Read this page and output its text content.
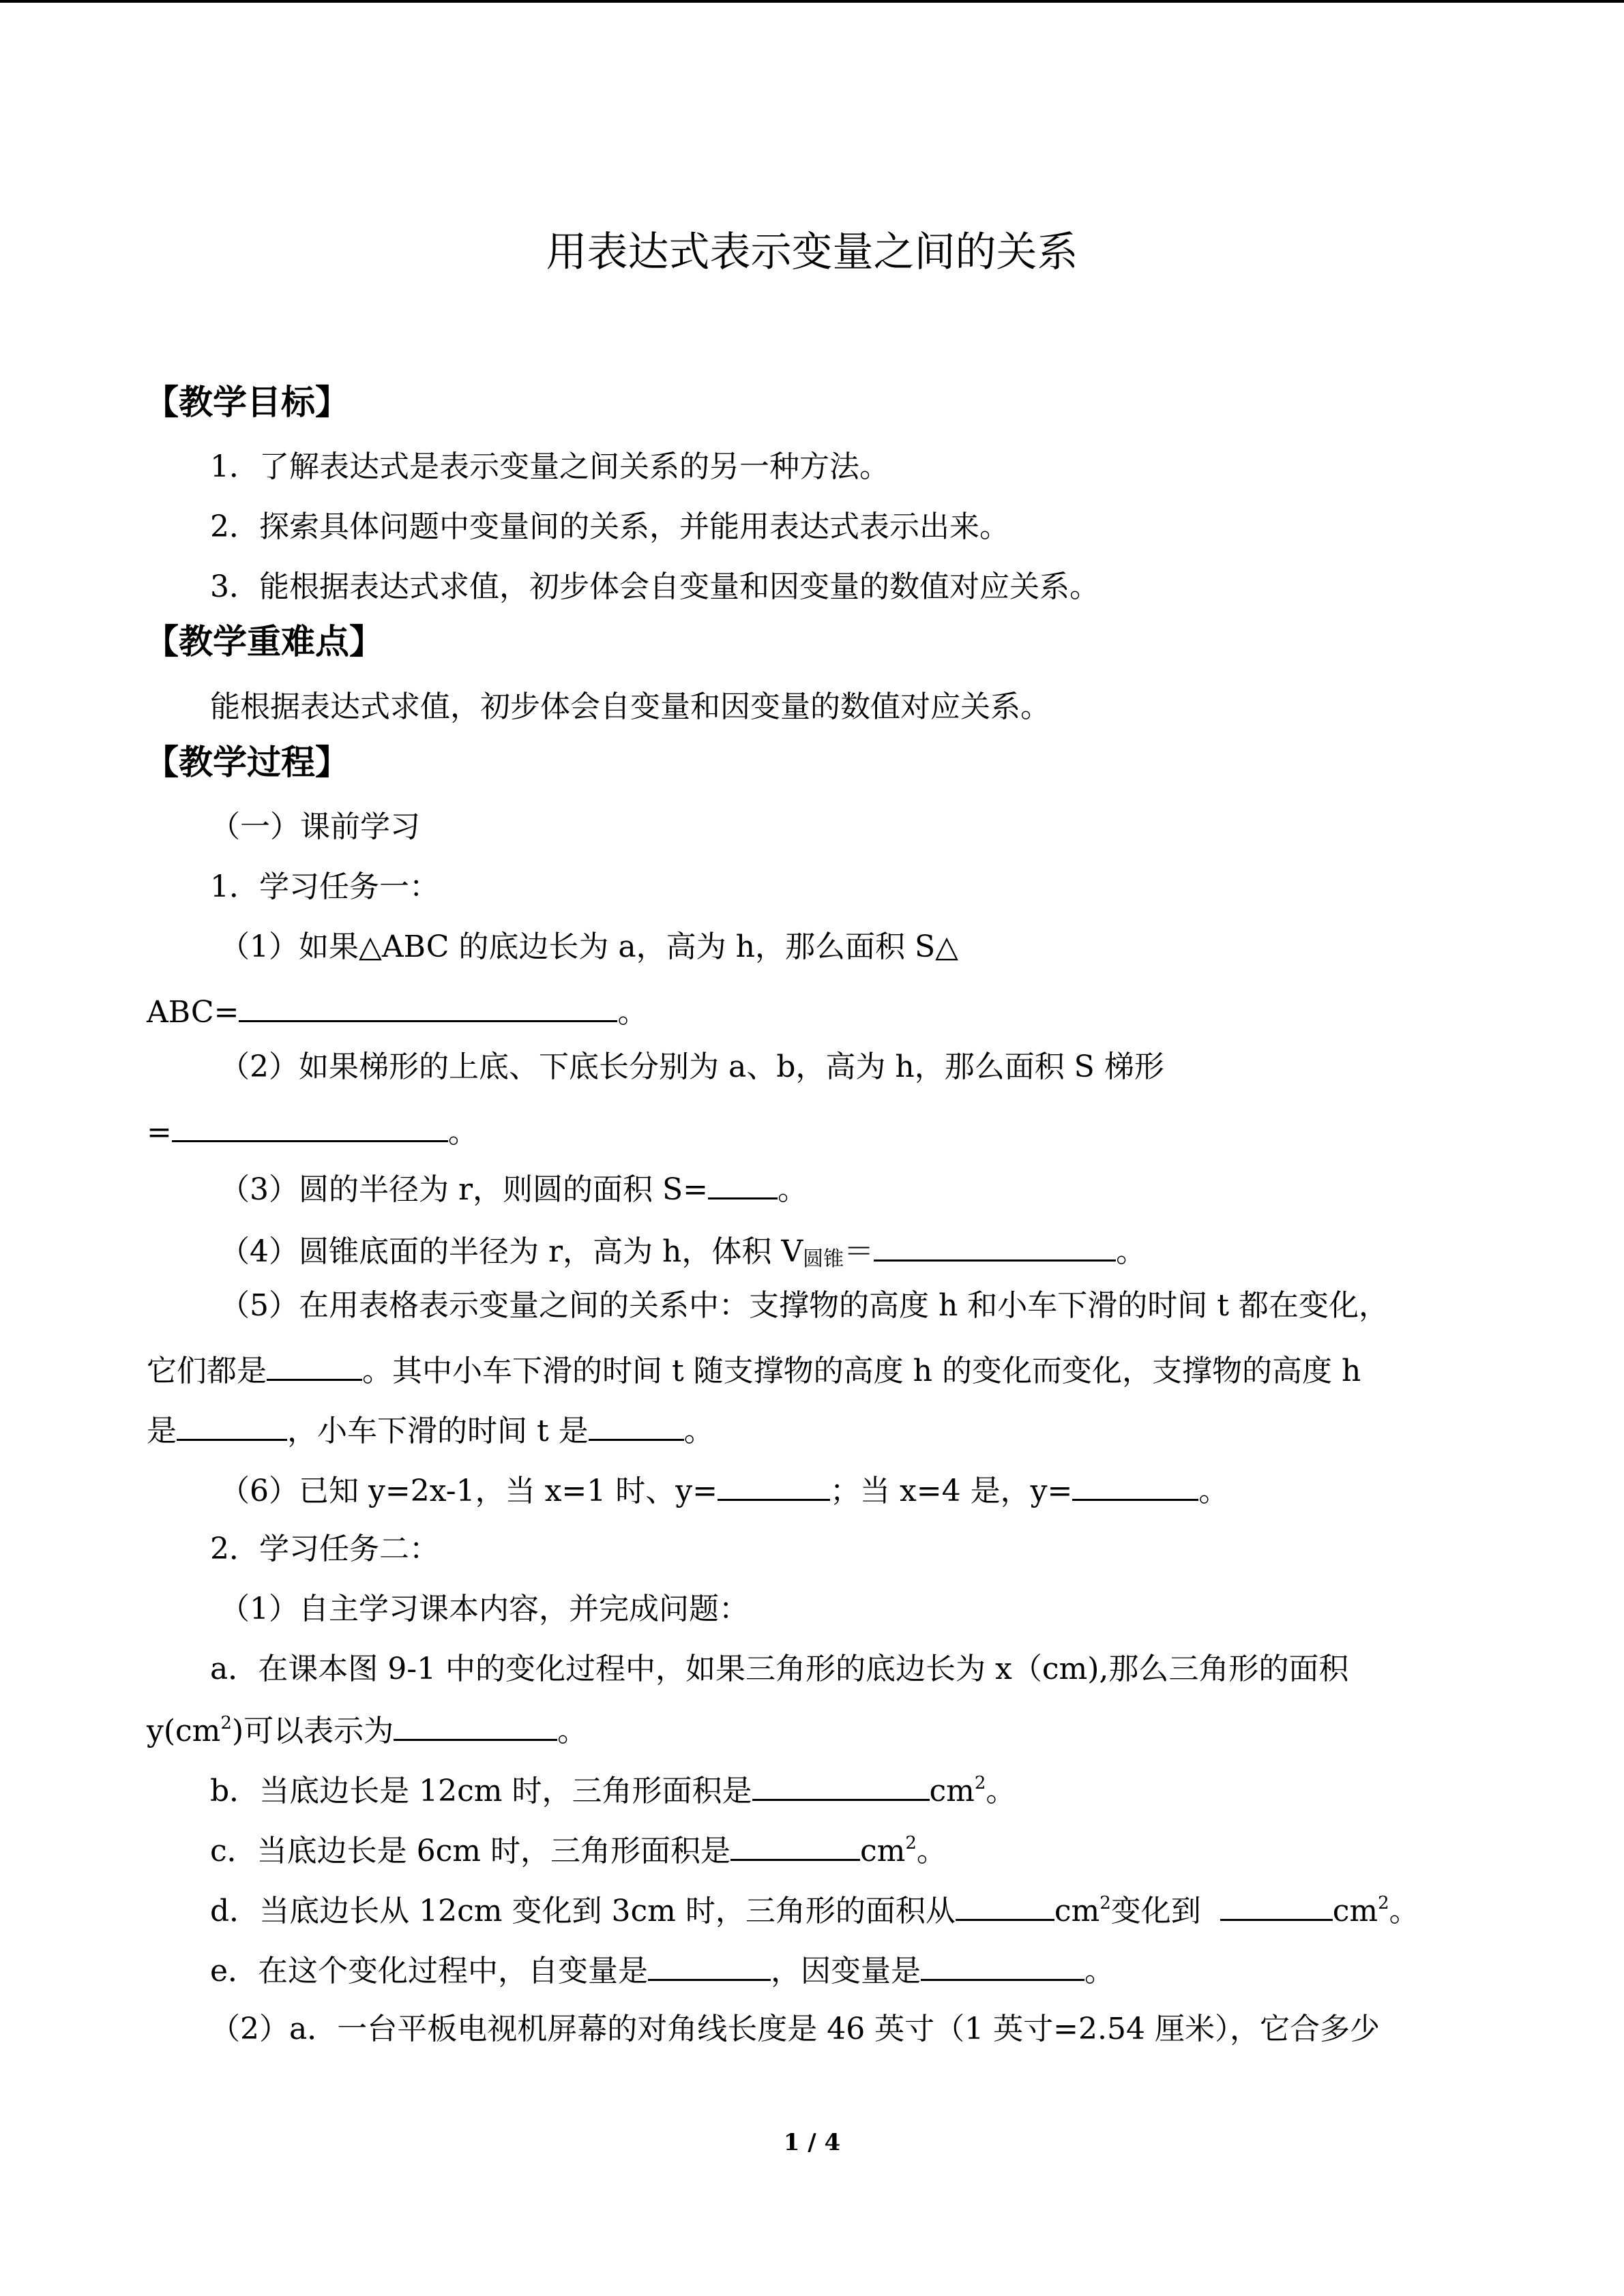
用表达式表示变量之间的关系
【教学目标】
1．了解表达式是表示变量之间关系的另一种方法。
2．探索具体问题中变量间的关系，并能用表达式表示出来。
3．能根据表达式求值，初步体会自变量和因变量的数值对应关系。
【教学重难点】
能根据表达式求值，初步体会自变量和因变量的数值对应关系。
【教学过程】
（一）课前学习
1．学习任务一：
（1）如果△ABC 的底边长为 a，高为 h，那么面积 S△
ABC=	。
（2）如果梯形的上底、下底长分别为 a、b，高为 h，那么面积 S 梯形
=	。
（3）圆的半径为 r，则圆的面积 S= 。
（4）圆锥底面的半径为 r，高为 h，体积 $V_{圆锥}=$	。
（5）在用表格表示变量之间的关系中：支撑物的高度 h 和小车下滑的时间 t 都在变化，
它们都是	。其中小车下滑的时间 t 随支撑物的高度 h 的变化而变化，支撑物的高度 h
是	，小车下滑的时间 t 是	。
（6）已知 y=2x-1，当 x=1 时、y=	；当 x=4 是，y=	。
2．学习任务二：
（1）自主学习课本内容，并完成问题：
a．在课本图 9-1 中的变化过程中，如果三角形的底边长为 x（cm),那么三角形的面积
$y(cm^2)$可以表示为	。
b．当底边长是 12cm 时，三角形面积是	$cm^2$。
c．当底边长是 6cm 时，三角形面积是	$cm^2$。
d．当底边长从 12cm 变化到 3cm 时，三角形的面积从	$cm^2$变化到	$cm^2$。
e．在这个变化过程中，自变量是	，因变量是	。
（2）a．一台平板电视机屏幕的对角线长度是 46 英寸（1 英寸=2.54 厘米），它合多少
1 / 4
